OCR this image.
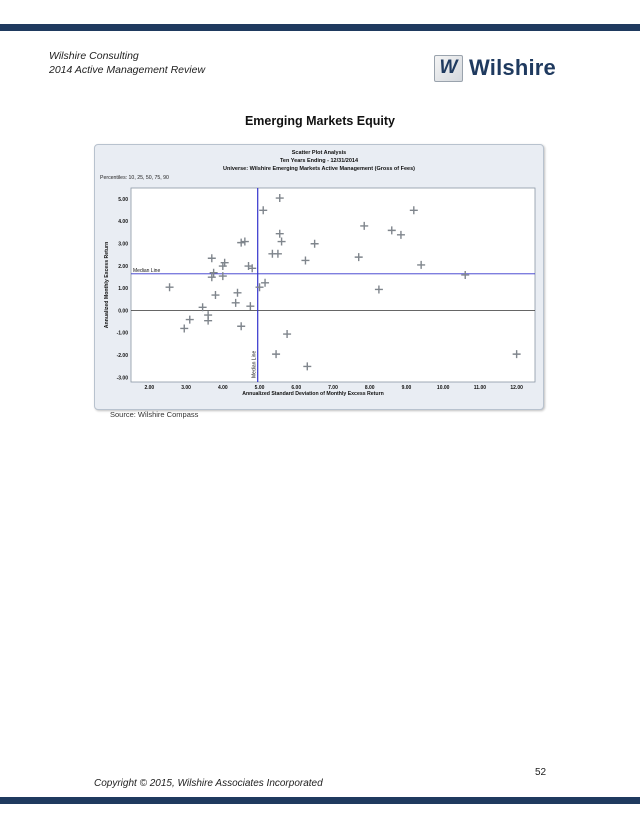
Wilshire Consulting
2014 Active Management Review	W Wilshire
Emerging Markets Equity
Scatter Plot Analysis
Ten Years Ending - 12/31/2014
Universe: Wilshire Emerging Markets Active Management (Gross of Fees)
Percentiles: 10, 25, 50, 75, 90
Median Line
Median Line
5.00
4.00
3.00
2.00
1.00
0.00
-1.00
-2.00
-3.00
2.00	3.00	4.00	5.00	6.00	7.00	8.00	9.00	10.00	11.00	12.00
Annualized Standard Deviation of Monthly Excess Return
Annualized Monthly Excess Return
Source: Wilshire Compass
52
Copyright © 2015, Wilshire Associates Incorporated
